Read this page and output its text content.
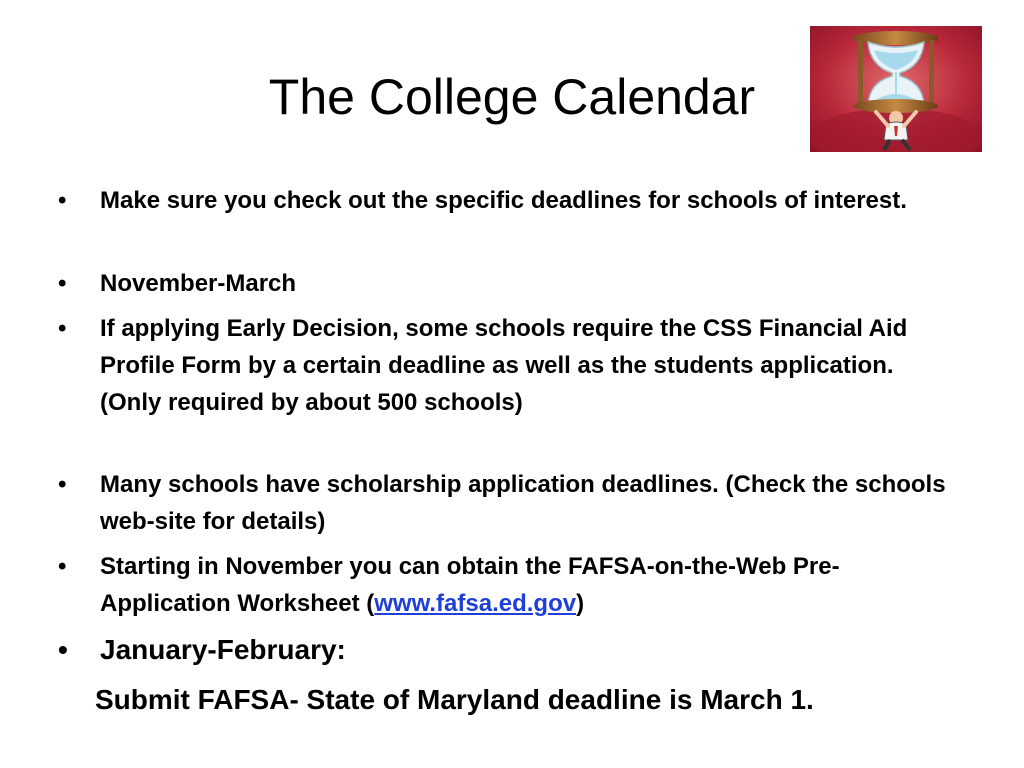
The College Calendar
• Make sure you check out the specific deadlines for schools of interest.
• November-March
• If applying Early Decision, some schools require the CSS Financial Aid Profile Form by a certain deadline as well as the students application. (Only required by about 500 schools)
• Many schools have scholarship application deadlines. (Check the schools web-site for details)
• Starting in November you can obtain the FAFSA-on-the-Web Pre-Application Worksheet (www.fafsa.ed.gov)
• January-February:
Submit FAFSA- State of Maryland deadline is March 1.
